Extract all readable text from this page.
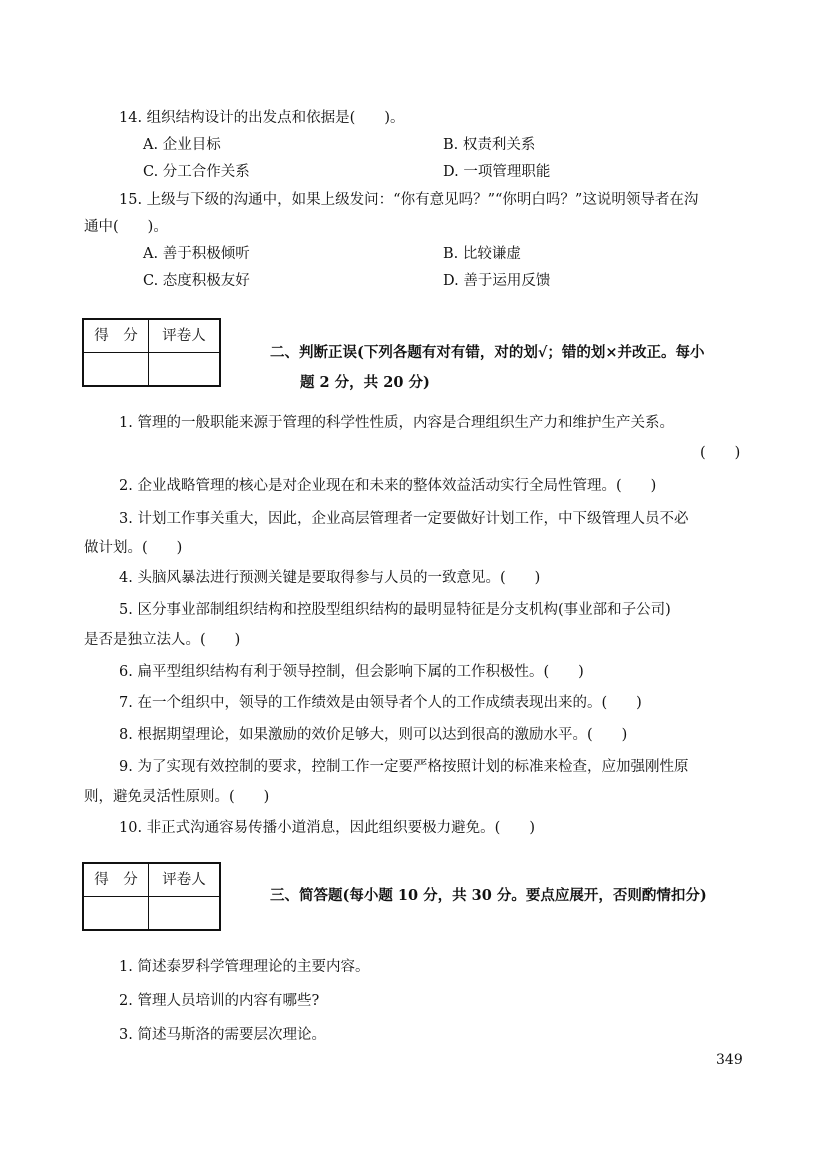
14. 组织结构设计的出发点和依据是(　　)。
A. 企业目标	B. 权责利关系
C. 分工合作关系	D. 一项管理职能
15. 上级与下级的沟通中，如果上级发问：“你有意见吗？”“你明白吗？”这说明领导者在沟
通中(　　)。
A. 善于积极倾听	B. 比较谦虚
C. 态度积极友好	D. 善于运用反馈
得　分	评卷人

二、判断正误(下列各题有对有错，对的划√；错的划×并改正。每小
题 2 分，共 20 分)
1. 管理的一般职能来源于管理的科学性性质，内容是合理组织生产力和维护生产关系。
(　　)
2. 企业战略管理的核心是对企业现在和未来的整体效益活动实行全局性管理。(　　)
3. 计划工作事关重大，因此，企业高层管理者一定要做好计划工作，中下级管理人员不必
做计划。(　　)
4. 头脑风暴法进行预测关键是要取得参与人员的一致意见。(　　)
5. 区分事业部制组织结构和控股型组织结构的最明显特征是分支机构(事业部和子公司)
是否是独立法人。(　　)
6. 扁平型组织结构有利于领导控制，但会影响下属的工作积极性。(　　)
7. 在一个组织中，领导的工作绩效是由领导者个人的工作成绩表现出来的。(　　)
8. 根据期望理论，如果激励的效价足够大，则可以达到很高的激励水平。(　　)
9. 为了实现有效控制的要求，控制工作一定要严格按照计划的标准来检查，应加强刚性原
则，避免灵活性原则。(　　)
10. 非正式沟通容易传播小道消息，因此组织要极力避免。(　　)
得　分	评卷人

三、简答题(每小题 10 分，共 30 分。要点应展开，否则酌情扣分)
1. 简述泰罗科学管理理论的主要内容。
2. 管理人员培训的内容有哪些?
3. 简述马斯洛的需要层次理论。
349
